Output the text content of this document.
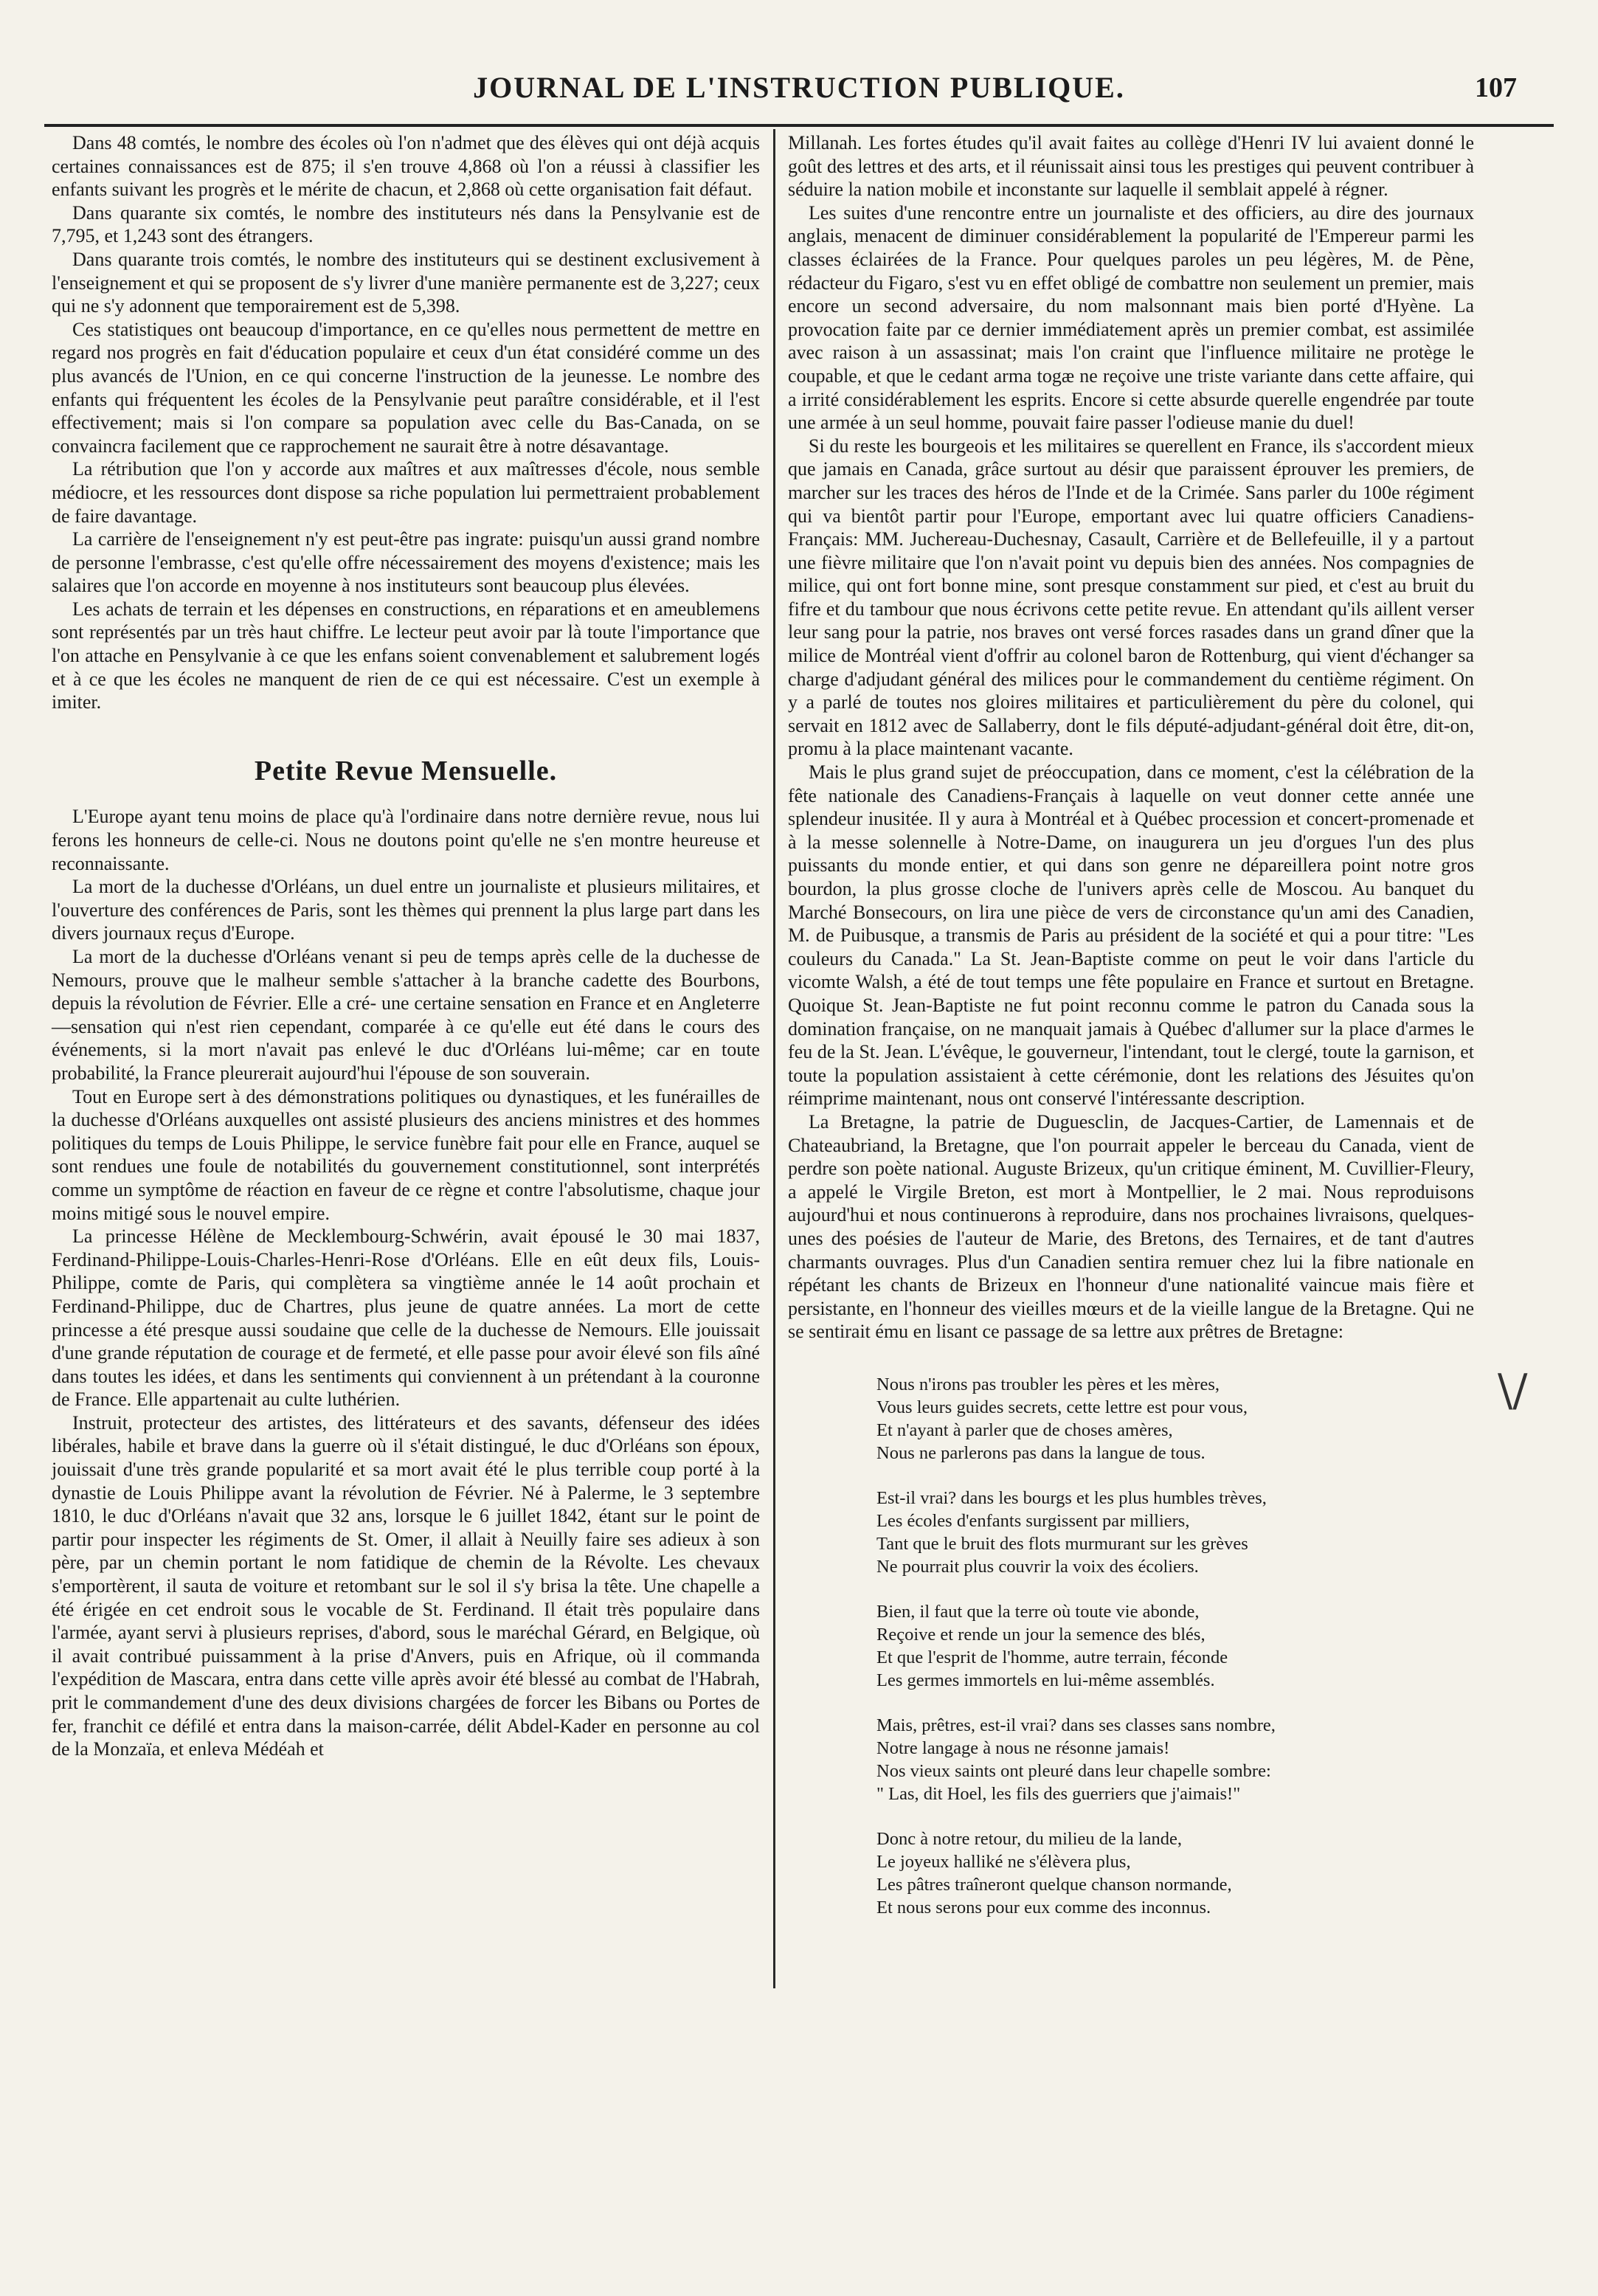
JOURNAL DE L'INSTRUCTION PUBLIQUE.	107

Dans 48 comtés, le nombre des écoles où l'on n'admet que des élèves qui ont déjà acquis certaines connaissances est de 875; il s'en trouve 4,868 où l'on a réussi à classifier les enfants suivant les progrès et le mérite de chacun, et 2,868 où cette organisation fait défaut.

Dans quarante six comtés, le nombre des instituteurs nés dans la Pensylvanie est de 7,795, et 1,243 sont des étrangers.

Dans quarante trois comtés, le nombre des instituteurs qui se destinent exclusivement à l'enseignement et qui se proposent de s'y livrer d'une manière permanente est de 3,227; ceux qui ne s'y adonnent que temporairement est de 5,398.

Ces statistiques ont beaucoup d'importance, en ce qu'elles nous permettent de mettre en regard nos progrès en fait d'éducation populaire et ceux d'un état considéré comme un des plus avancés de l'Union, en ce qui concerne l'instruction de la jeunesse. Le nombre des enfants qui fréquentent les écoles de la Pensylvanie peut paraître considérable, et il l'est effectivement; mais si l'on compare sa population avec celle du Bas-Canada, on se convaincra facilement que ce rapprochement ne saurait être à notre désavantage.

La rétribution que l'on y accorde aux maîtres et aux maîtresses d'école, nous semble médiocre, et les ressources dont dispose sa riche population lui permettraient probablement de faire davantage.

La carrière de l'enseignement n'y est peut-être pas ingrate: puisqu'un aussi grand nombre de personne l'embrasse, c'est qu'elle offre nécessairement des moyens d'existence; mais les salaires que l'on accorde en moyenne à nos instituteurs sont beaucoup plus élevées.

Les achats de terrain et les dépenses en constructions, en réparations et en ameublemens sont représentés par un très haut chiffre. Le lecteur peut avoir par là toute l'importance que l'on attache en Pensylvanie à ce que les enfans soient convenablement et salubrement logés et à ce que les écoles ne manquent de rien de ce qui est nécessaire. C'est un exemple à imiter.

Petite Revue Mensuelle.

L'Europe ayant tenu moins de place qu'à l'ordinaire dans notre dernière revue, nous lui ferons les honneurs de celle-ci. Nous ne doutons point qu'elle ne s'en montre heureuse et reconnaissante.

La mort de la duchesse d'Orléans, un duel entre un journaliste et plusieurs militaires, et l'ouverture des conférences de Paris, sont les thèmes qui prennent la plus large part dans les divers journaux reçus d'Europe.

La mort de la duchesse d'Orléans venant si peu de temps après celle de la duchesse de Nemours, prouve que le malheur semble s'attacher à la branche cadette des Bourbons, depuis la révolution de Février. Elle a cré- une certaine sensation en France et en Angleterre—sensation qui n'est rien cependant, comparée à ce qu'elle eut été dans le cours des événements, si la mort n'avait pas enlevé le duc d'Orléans lui-même; car en toute probabilité, la France pleurerait aujourd'hui l'épouse de son souverain.

Tout en Europe sert à des démonstrations politiques ou dynastiques, et les funérailles de la duchesse d'Orléans auxquelles ont assisté plusieurs des anciens ministres et des hommes politiques du temps de Louis Philippe, le service funèbre fait pour elle en France, auquel se sont rendues une foule de notabilités du gouvernement constitutionnel, sont interprétés comme un symptôme de réaction en faveur de ce règne et contre l'absolutisme, chaque jour moins mitigé sous le nouvel empire.

La princesse Hélène de Mecklembourg-Schwérin, avait épousé le 30 mai 1837, Ferdinand-Philippe-Louis-Charles-Henri-Rose d'Orléans. Elle en eût deux fils, Louis-Philippe, comte de Paris, qui complètera sa vingtième année le 14 août prochain et Ferdinand-Philippe, duc de Chartres, plus jeune de quatre années. La mort de cette princesse a été presque aussi soudaine que celle de la duchesse de Nemours. Elle jouissait d'une grande réputation de courage et de fermeté, et elle passe pour avoir élevé son fils aîné dans toutes les idées, et dans les sentiments qui conviennent à un prétendant à la couronne de France. Elle appartenait au culte luthérien.

Instruit, protecteur des artistes, des littérateurs et des savants, défenseur des idées libérales, habile et brave dans la guerre où il s'était distingué, le duc d'Orléans son époux, jouissait d'une très grande popularité et sa mort avait été le plus terrible coup porté à la dynastie de Louis Philippe avant la révolution de Février. Né à Palerme, le 3 septembre 1810, le duc d'Orléans n'avait que 32 ans, lorsque le 6 juillet 1842, étant sur le point de partir pour inspecter les régiments de St. Omer, il allait à Neuilly faire ses adieux à son père, par un chemin portant le nom fatidique de chemin de la Révolte. Les chevaux s'emportèrent, il sauta de voiture et retombant sur le sol il s'y brisa la tête. Une chapelle a été érigée en cet endroit sous le vocable de St. Ferdinand. Il était très populaire dans l'armée, ayant servi à plusieurs reprises, d'abord, sous le maréchal Gérard, en Belgique, où il avait contribué puissamment à la prise d'Anvers, puis en Afrique, où il commanda l'expédition de Mascara, entra dans cette ville après avoir été blessé au combat de l'Habrah, prit le commandement d'une des deux divisions chargées de forcer les Bibans ou Portes de fer, franchit ce défilé et entra dans la maison-carrée, délit Abdel-Kader en personne au col de la Monzaïa, et enleva Médéah et

Millanah. Les fortes études qu'il avait faites au collège d'Henri IV lui avaient donné le goût des lettres et des arts, et il réunissait ainsi tous les prestiges qui peuvent contribuer à séduire la nation mobile et inconstante sur laquelle il semblait appelé à régner.

Les suites d'une rencontre entre un journaliste et des officiers, au dire des journaux anglais, menacent de diminuer considérablement la popularité de l'Empereur parmi les classes éclairées de la France. Pour quelques paroles un peu légères, M. de Pène, rédacteur du Figaro, s'est vu en effet obligé de combattre non seulement un premier, mais encore un second adversaire, du nom malsonnant mais bien porté d'Hyène. La provocation faite par ce dernier immédiatement après un premier combat, est assimilée avec raison à un assassinat; mais l'on craint que l'influence militaire ne protège le coupable, et que le cedant arma togæ ne reçoive une triste variante dans cette affaire, qui a irrité considérablement les esprits. Encore si cette absurde querelle engendrée par toute une armée à un seul homme, pouvait faire passer l'odieuse manie du duel!

Si du reste les bourgeois et les militaires se querellent en France, ils s'accordent mieux que jamais en Canada, grâce surtout au désir que paraissent éprouver les premiers, de marcher sur les traces des héros de l'Inde et de la Crimée. Sans parler du 100e régiment qui va bientôt partir pour l'Europe, emportant avec lui quatre officiers Canadiens-Français: MM. Juchereau-Duchesnay, Casault, Carrière et de Bellefeuille, il y a partout une fièvre militaire que l'on n'avait point vu depuis bien des années. Nos compagnies de milice, qui ont fort bonne mine, sont presque constamment sur pied, et c'est au bruit du fifre et du tambour que nous écrivons cette petite revue. En attendant qu'ils aillent verser leur sang pour la patrie, nos braves ont versé forces rasades dans un grand dîner que la milice de Montréal vient d'offrir au colonel baron de Rottenburg, qui vient d'échanger sa charge d'adjudant général des milices pour le commandement du centième régiment. On y a parlé de toutes nos gloires militaires et particulièrement du père du colonel, qui servait en 1812 avec de Sallaberry, dont le fils député-adjudant-général doit être, dit-on, promu à la place maintenant vacante.

Mais le plus grand sujet de préoccupation, dans ce moment, c'est la célébration de la fête nationale des Canadiens-Français à laquelle on veut donner cette année une splendeur inusitée. Il y aura à Montréal et à Québec procession et concert-promenade et à la messe solennelle à Notre-Dame, on inaugurera un jeu d'orgues l'un des plus puissants du monde entier, et qui dans son genre ne dépareillera point notre gros bourdon, la plus grosse cloche de l'univers après celle de Moscou. Au banquet du Marché Bonsecours, on lira une pièce de vers de circonstance qu'un ami des Canadien, M. de Puibusque, a transmis de Paris au président de la société et qui a pour titre: "Les couleurs du Canada." La St. Jean-Baptiste comme on peut le voir dans l'article du vicomte Walsh, a été de tout temps une fête populaire en France et surtout en Bretagne. Quoique St. Jean-Baptiste ne fut point reconnu comme le patron du Canada sous la domination française, on ne manquait jamais à Québec d'allumer sur la place d'armes le feu de la St. Jean. L'évêque, le gouverneur, l'intendant, tout le clergé, toute la garnison, et toute la population assistaient à cette cérémonie, dont les relations des Jésuites qu'on réimprime maintenant, nous ont conservé l'intéressante description.

La Bretagne, la patrie de Duguesclin, de Jacques-Cartier, de Lamennais et de Chateaubriand, la Bretagne, que l'on pourrait appeler le berceau du Canada, vient de perdre son poète national. Auguste Brizeux, qu'un critique éminent, M. Cuvillier-Fleury, a appelé le Virgile Breton, est mort à Montpellier, le 2 mai. Nous reproduisons aujourd'hui et nous continuerons à reproduire, dans nos prochaines livraisons, quelques-unes des poésies de l'auteur de Marie, des Bretons, des Ternaires, et de tant d'autres charmants ouvrages. Plus d'un Canadien sentira remuer chez lui la fibre nationale en répétant les chants de Brizeux en l'honneur d'une nationalité vaincue mais fière et persistante, en l'honneur des vieilles mœurs et de la vieille langue de la Bretagne. Qui ne se sentirait ému en lisant ce passage de sa lettre aux prêtres de Bretagne:

Nous n'irons pas troubler les pères et les mères,
Vous leurs guides secrets, cette lettre est pour vous,
Et n'ayant à parler que de choses amères,
Nous ne parlerons pas dans la langue de tous.
Est-il vrai? dans les bourgs et les plus humbles trèves,
Les écoles d'enfants surgissent par milliers,
Tant que le bruit des flots murmurant sur les grèves
Ne pourrait plus couvrir la voix des écoliers.
Bien, il faut que la terre où toute vie abonde,
Reçoive et rende un jour la semence des blés,
Et que l'esprit de l'homme, autre terrain, féconde
Les germes immortels en lui-même assemblés.
Mais, prêtres, est-il vrai? dans ses classes sans nombre,
Notre langage à nous ne résonne jamais!
Nos vieux saints ont pleuré dans leur chapelle sombre:
" Las, dit Hoel, les fils des guerriers que j'aimais!"
Donc à notre retour, du milieu de la lande,
Le joyeux halliké ne s'élèvera plus,
Les pâtres traîneront quelque chanson normande,
Et nous serons pour eux comme des inconnus.
\/
